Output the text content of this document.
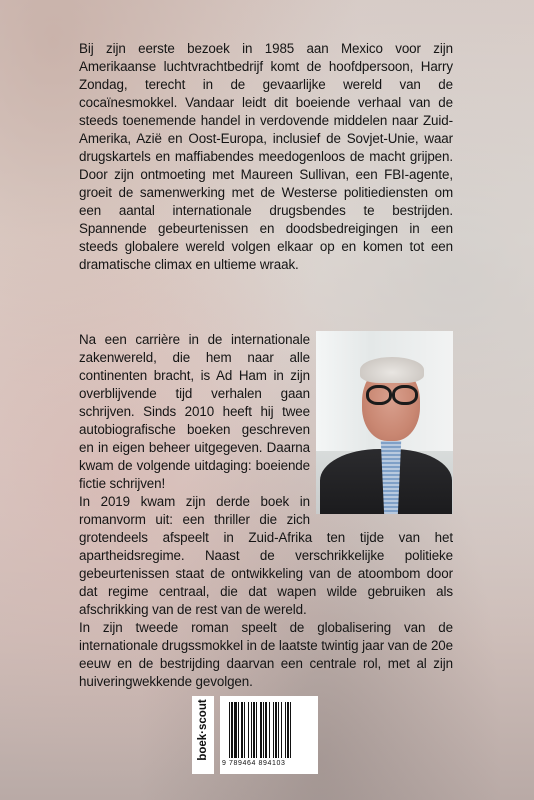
Bij zijn eerste bezoek in 1985 aan Mexico voor zijn Amerikaanse luchtvrachtbedrijf komt de hoofdpersoon, Harry Zondag, terecht in de gevaarlijke wereld van de cocaïnesmokkel. Vandaar leidt dit boeiende verhaal van de steeds toenemende handel in verdovende middelen naar Zuid-Amerika, Azië en Oost-Europa, inclusief de Sovjet-Unie, waar drugskartels en maffiabendes meedogenloos de macht grijpen. Door zijn ontmoeting met Maureen Sullivan, een FBI-agente, groeit de samenwerking met de Westerse politiediensten om een aantal internationale drugsbendes te bestrijden. Spannende gebeurtenissen en doodsbedreigingen in een steeds globalere wereld volgen elkaar op en komen tot een dramatische climax en ultieme wraak.

Na een carrière in de internationale zakenwereld, die hem naar alle continenten bracht, is Ad Ham in zijn overblijvende tijd verhalen gaan schrijven. Sinds 2010 heeft hij twee autobiografische boeken geschreven en in eigen beheer uitgegeven. Daarna kwam de volgende uitdaging: boeiende fictie schrijven!

In 2019 kwam zijn derde boek in romanvorm uit: een thriller die zich grotendeels afspeelt in Zuid-Afrika ten tijde van het apartheidsregime. Naast de verschrikkelijke politieke gebeurtenissen staat de ontwikkeling van de atoombom door dat regime centraal, die dat wapen wilde gebruiken als afschrikking van de rest van de wereld.

In zijn tweede roman speelt de globalisering van de internationale drugssmokkel in de laatste twintig jaar van de 20e eeuw en de bestrijding daarvan een centrale rol, met al zijn huiveringwekkende gevolgen.

boek·scout
9 789464 894103
